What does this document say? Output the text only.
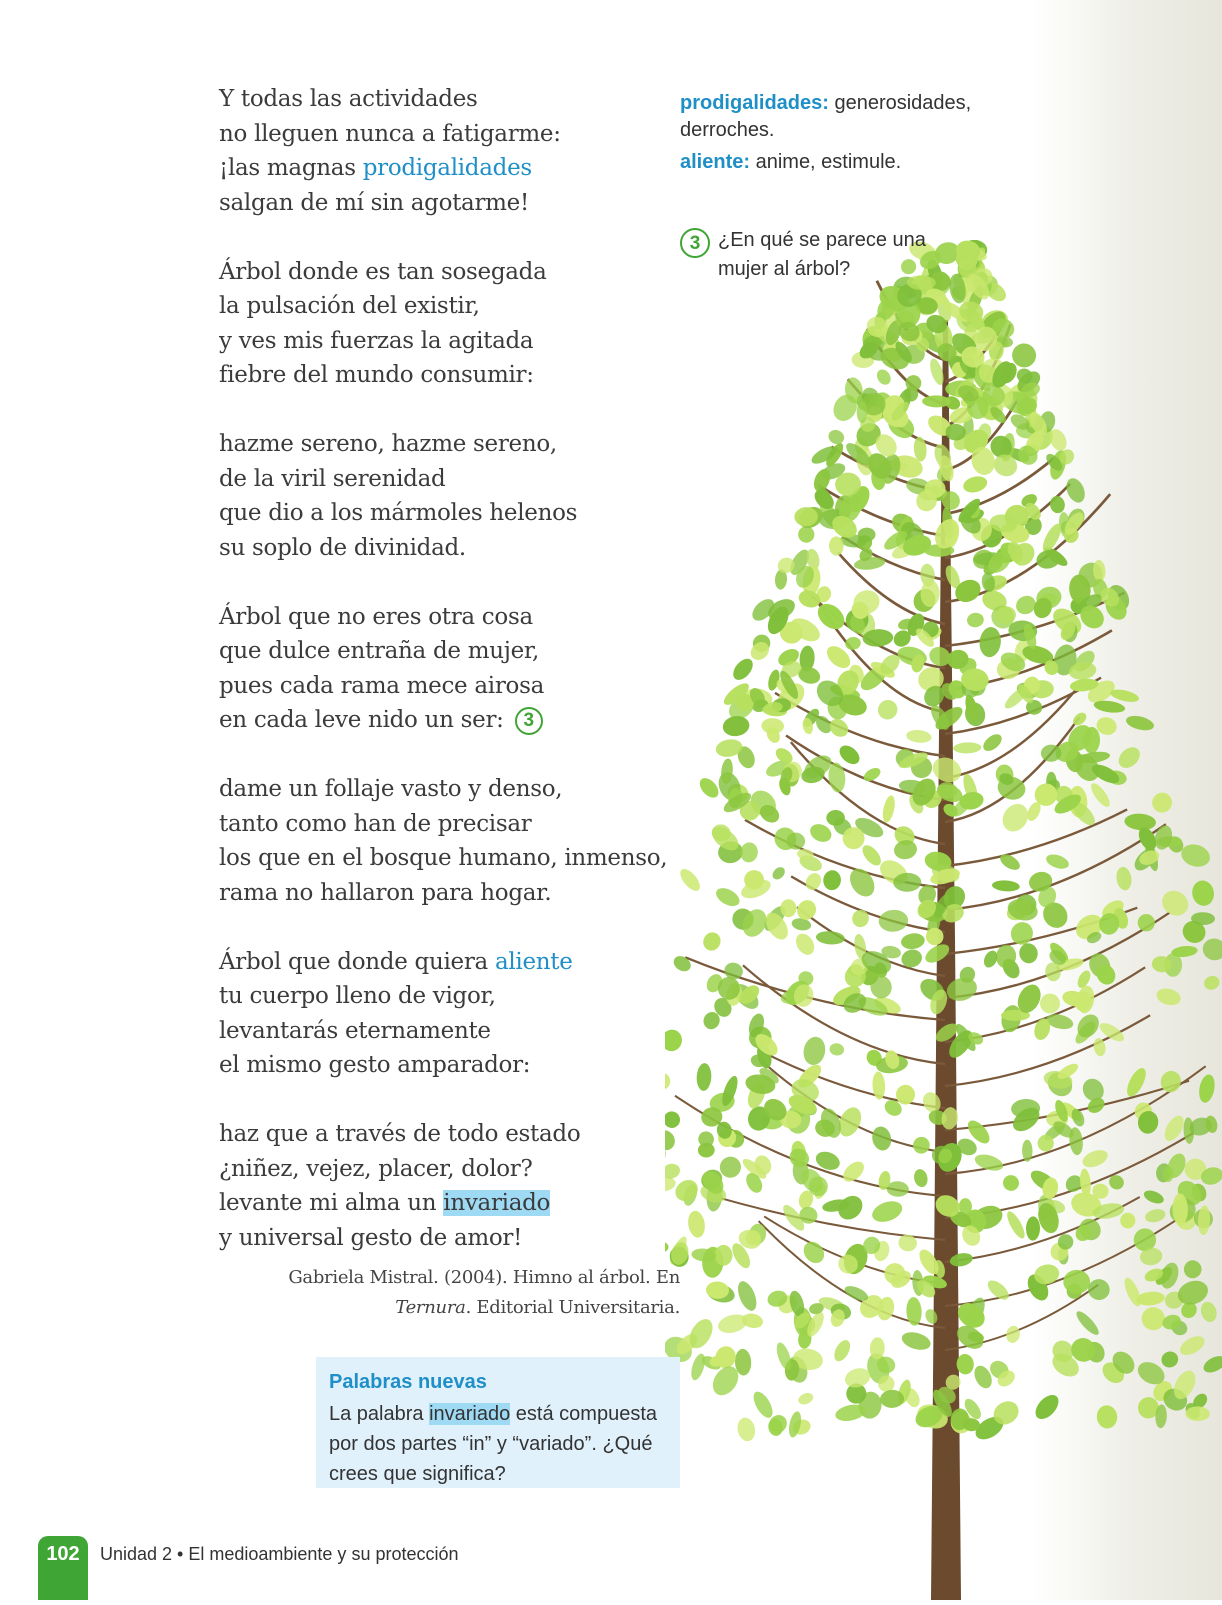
Y todas las actividades
no lleguen nunca a fatigarme:
¡las magnas prodigalidades
salgan de mí sin agotarme!
Árbol donde es tan sosegada
la pulsación del existir,
y ves mis fuerzas la agitada
fiebre del mundo consumir:
hazme sereno, hazme sereno,
de la viril serenidad
que dio a los mármoles helenos
su soplo de divinidad.
Árbol que no eres otra cosa
que dulce entraña de mujer,
pues cada rama mece airosa
en cada leve nido un ser: 3
dame un follaje vasto y denso,
tanto como han de precisar
los que en el bosque humano, inmenso,
rama no hallaron para hogar.
Árbol que donde quiera aliente
tu cuerpo lleno de vigor,
levantarás eternamente
el mismo gesto amparador:
haz que a través de todo estado
¿niñez, vejez, placer, dolor?
levante mi alma un invariado
y universal gesto de amor!
Gabriela Mistral. (2004). Himno al árbol. En
Ternura. Editorial Universitaria.

prodigalidades: generosidades, derroches.

aliente: anime, estimule.

3 ¿En qué se parece una mujer al árbol?
Palabras nuevas
La palabra invariado está compuesta por dos partes “in” y “variado”. ¿Qué crees que significa?
102	Unidad 2 • El medioambiente y su protección
